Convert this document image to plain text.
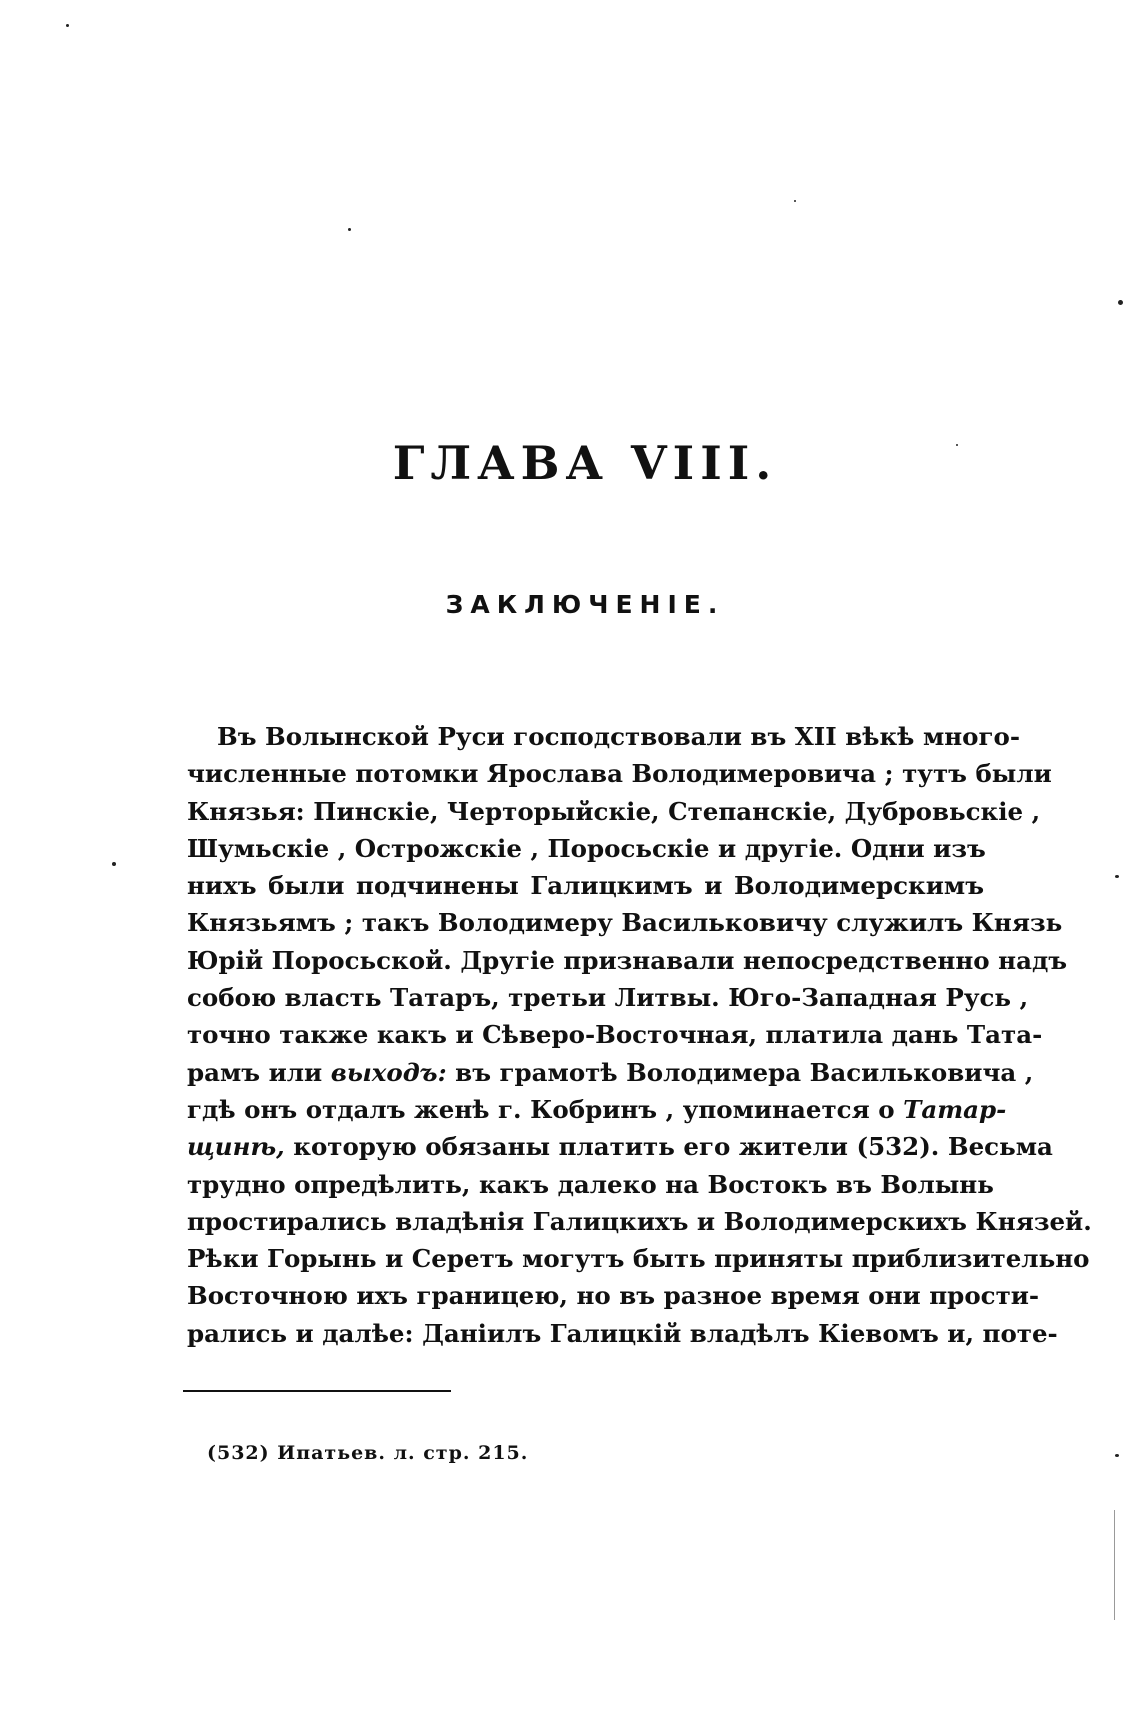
ГЛАВА VIII.
ЗАКЛЮЧЕНІЕ.
Въ Волынской Руси господствовали въ XII вѣкѣ много-
численные потомки Ярослава Володимеровича ; тутъ были
Князья: Пинскіе, Черторыйскіе, Степанскіе, Дубровьскіе ,
Шумьскіе , Острожскіе , Поросьскіе и другіе. Одни изъ
нихъ были подчинены Галицкимъ и Володимерскимъ
Князьямъ ; такъ Володимеру Васильковичу служилъ Князь
Юрій Поросьской. Другіе признавали непосредственно надъ
собою власть Татаръ, третьи Литвы. Юго-Западная Русь ,
точно также какъ и Сѣверо-Восточная, платила дань Тата-
рамъ или выходъ: въ грамотѣ Володимера Васильковича ,
гдѣ онъ отдалъ женѣ г. Кобринъ , упоминается о Татар-
щинѣ, которую обязаны платить его жители (532). Весьма
трудно опредѣлить, какъ далеко на Востокъ въ Волынь
простирались владѣнія Галицкихъ и Володимерскихъ Князей.
Рѣки Горынь и Серетъ могутъ быть приняты приблизительно
Восточною ихъ границею, но въ разное время они прости-
рались и далѣе: Даніилъ Галицкій владѣлъ Кіевомъ и, поте-
(532) Ипатьев. л. стр. 215.
